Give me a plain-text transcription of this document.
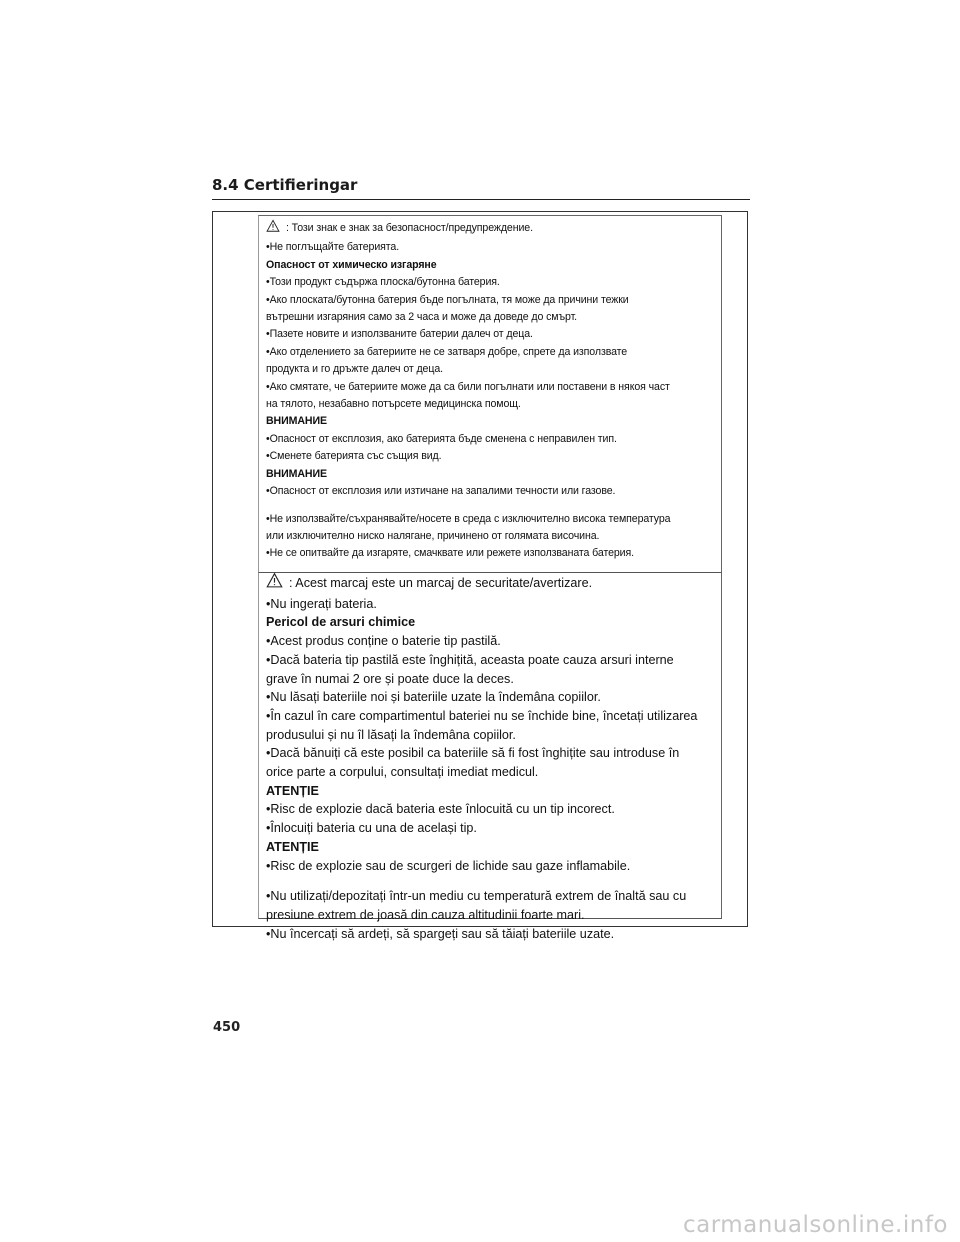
8.4 Certifieringar
: Този знак е знак за безопасност/предупреждение.
•Не поглъщайте батерията.
Опасност от химическо изгаряне
•Този продукт съдържа плоска/бутонна батерия.
•Ако плоската/бутонна батерия бъде погълната, тя може да причини тежки
вътрешни изгаряния само за 2 часа и може да доведе до смърт.
•Пазете новите и използваните батерии далеч от деца.
•Ако отделението за батериите не се затваря добре, спрете да използвате
продукта и го дръжте далеч от деца.
•Ако смятате, че батериите може да са били погълнати или поставени в някоя част
на тялото, незабавно потърсете медицинска помощ.
ВНИМАНИЕ
•Опасност от експлозия, ако батерията бъде сменена с неправилен тип.
•Сменете батерията със същия вид.
ВНИМАНИЕ
•Опасност от експлозия или изтичане на запалими течности или газове.
•Не използвайте/съхранявайте/носете в среда с изключително висока температура
или изключително ниско налягане, причинено от голямата височина.
•Не се опитвайте да изгаряте, смачквате или режете използваната батерия.
: Acest marcaj este un marcaj de securitate/avertizare.
•Nu ingerați bateria.
Pericol de arsuri chimice
•Acest produs conține o baterie tip pastilă.
•Dacă bateria tip pastilă este înghițită, aceasta poate cauza arsuri interne
grave în numai 2 ore și poate duce la deces.
•Nu lăsați bateriile noi și bateriile uzate la îndemâna copiilor.
•În cazul în care compartimentul bateriei nu se închide bine, încetați utilizarea
produsului și nu îl lăsați la îndemâna copiilor.
•Dacă bănuiți că este posibil ca bateriile să fi fost înghițite sau introduse în
orice parte a corpului, consultați imediat medicul.
ATENȚIE
•Risc de explozie dacă bateria este înlocuită cu un tip incorect.
•Înlocuiți bateria cu una de același tip.
ATENȚIE
•Risc de explozie sau de scurgeri de lichide sau gaze inflamabile.
•Nu utilizați/depozitați într-un mediu cu temperatură extrem de înaltă sau cu
presiune extrem de joasă din cauza altitudinii foarte mari.
•Nu încercați să ardeți, să spargeți sau să tăiați bateriile uzate.
450
carmanualsonline.info
